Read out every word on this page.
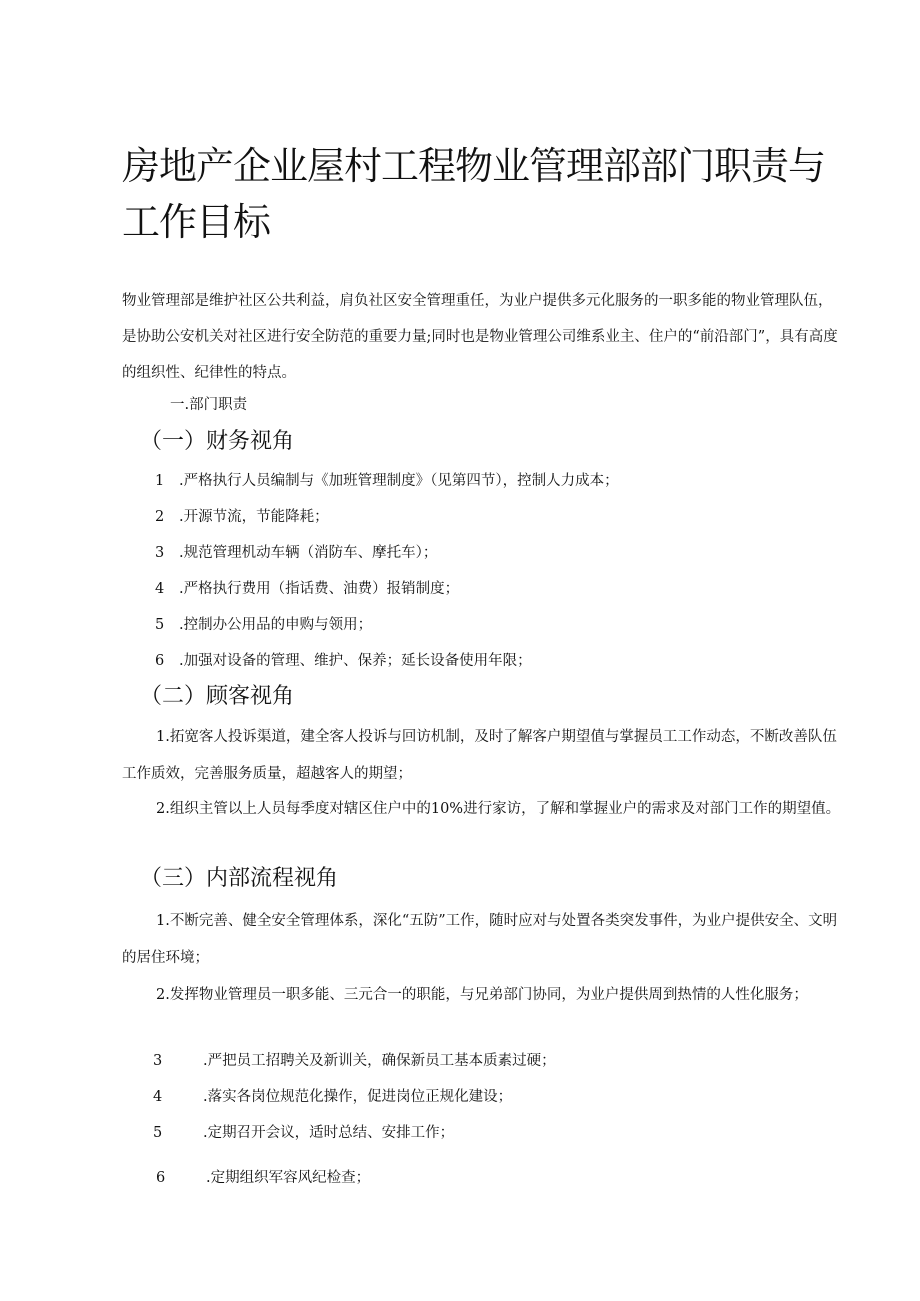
房地产企业屋村工程物业管理部部门职责与工作目标
物业管理部是维护社区公共利益，肩负社区安全管理重任，为业户提供多元化服务的一职多能的物业管理队伍，是协助公安机关对社区进行安全防范的重要力量;同时也是物业管理公司维系业主、住户的“前沿部门”，具有高度的组织性、纪律性的特点。
一.部门职责
（一）财务视角
1 .严格执行人员编制与《加班管理制度》（见第四节），控制人力成本；
2 .开源节流，节能降耗；
3 .规范管理机动车辆（消防车、摩托车）；
4 .严格执行费用（指话费、油费）报销制度；
5 .控制办公用品的申购与领用；
6 .加强对设备的管理、维护、保养；延长设备使用年限；
（二）顾客视角
1.拓宽客人投诉渠道，建全客人投诉与回访机制，及时了解客户期望值与掌握员工工作动态，不断改善队伍工作质效，完善服务质量，超越客人的期望；
2.组织主管以上人员每季度对辖区住户中的10%进行家访，了解和掌握业户的需求及对部门工作的期望值。
（三）内部流程视角
1.不断完善、健全安全管理体系，深化“五防”工作，随时应对与处置各类突发事件，为业户提供安全、文明的居住环境；
2.发挥物业管理员一职多能、三元合一的职能，与兄弟部门协同，为业户提供周到热情的人性化服务；
3	.严把员工招聘关及新训关，确保新员工基本质素过硬；
4	.落实各岗位规范化操作，促进岗位正规化建设；
5	.定期召开会议，适时总结、安排工作；
6	.定期组织军容风纪检查；
